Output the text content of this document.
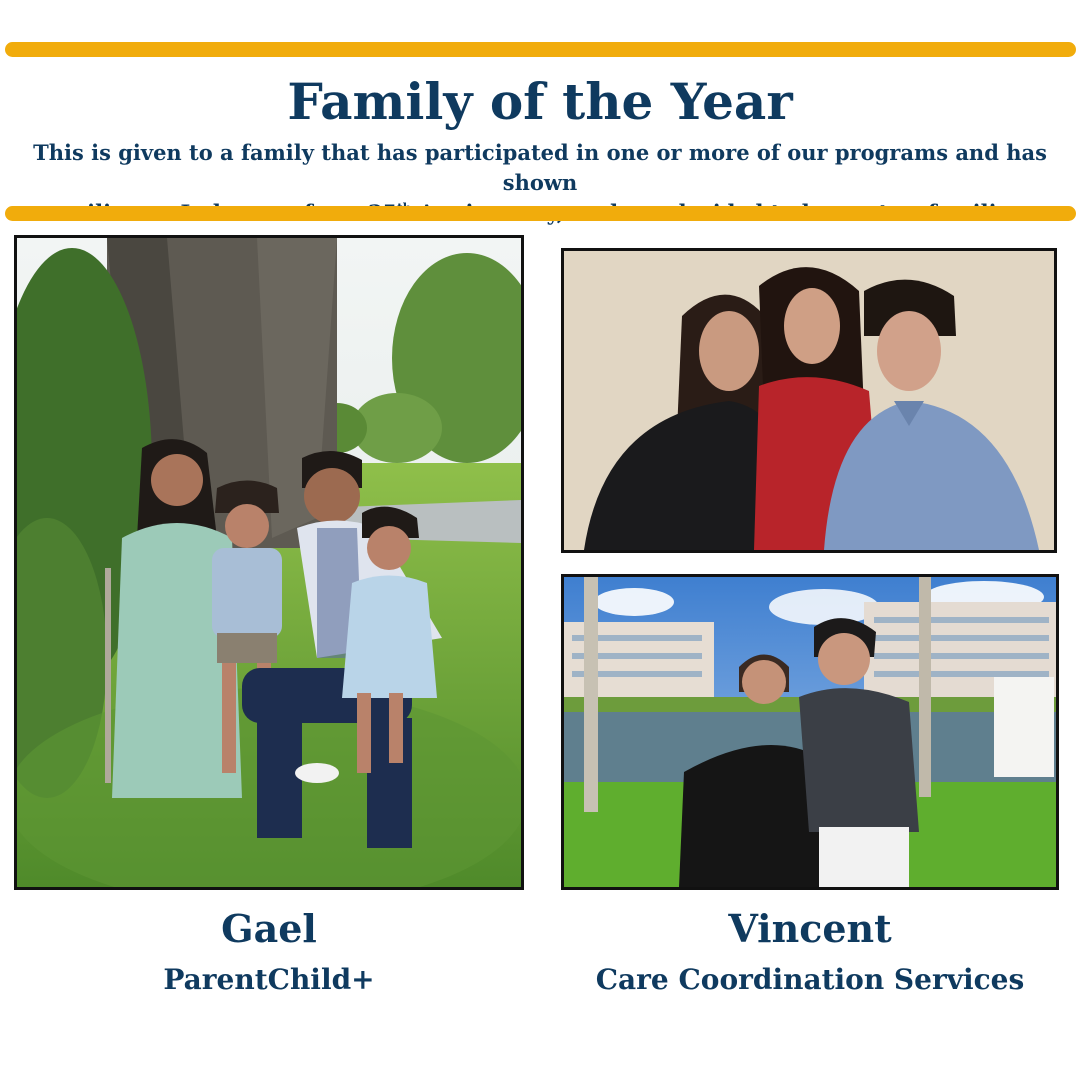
Family of the Year
This is given to a family that has participated in one or more of our programs and has shown
Gael
ParentChild+
Vincent
Care Coordination Services
